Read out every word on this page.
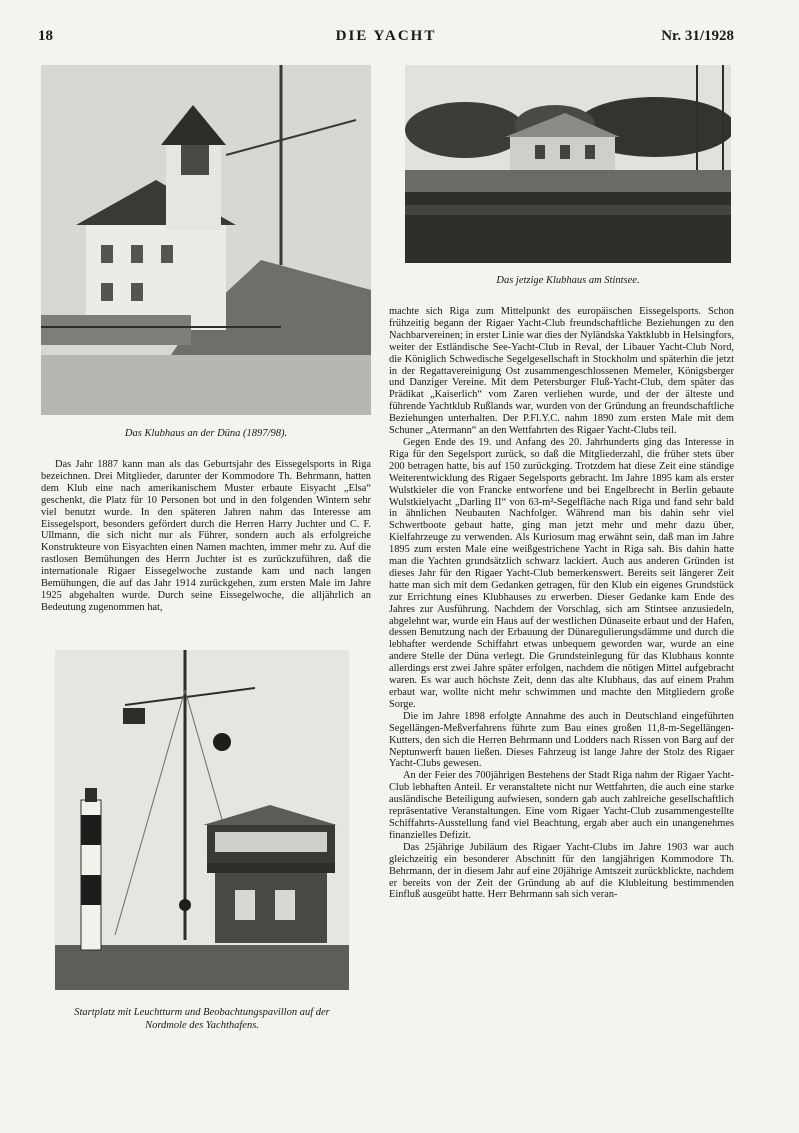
18	DIE YACHT	Nr. 31/1928
Das Klubhaus an der Düna (1897/98).
Das jetzige Klubhaus am Stintsee.
Startplatz mit Leuchtturm und Beobachtungspavillon auf der
Nordmole des Yachthafens.

Das Jahr 1887 kann man als das Geburtsjahr des Eissegelsports in Riga bezeichnen. Drei Mitglieder, darunter der Kommodore Th. Behrmann, hatten dem Klub eine nach amerikanischem Muster erbaute Eisyacht „Elsa“ geschenkt, die Platz für 10 Personen bot und in den folgenden Wintern sehr viel benutzt wurde. In den späteren Jahren nahm das Interesse am Eissegelsport, besonders gefördert durch die Herren Harry Juchter und C. F. Ullmann, die sich nicht nur als Führer, sondern auch als erfolgreiche Konstrukteure von Eisyachten einen Namen machten, immer mehr zu. Auf die rastlosen Bemühungen des Herrn Juchter ist es zurückzuführen, daß die internationale Rigaer Eissegelwoche zustande kam und nach langen Bemühungen, die auf das Jahr 1914 zurückgehen, zum ersten Male im Jahre 1925 abgehalten wurde. Durch seine Eissegelwoche, die alljährlich an Bedeutung zugenommen hat,

machte sich Riga zum Mittelpunkt des europäischen Eissegelsports. Schon frühzeitig begann der Rigaer Yacht-Club freundschaftliche Beziehungen zu den Nachbarvereinen; in erster Linie war dies der Nyländska Yaktklubb in Helsingfors, weiter der Estländische See-Yacht-Club in Reval, der Libauer Yacht-Club Nord, die Königlich Schwedische Segelgesellschaft in Stockholm und späterhin die jetzt in der Regattavereinigung Ost zusammengeschlossenen Memeler, Königsberger und Danziger Vereine. Mit dem Petersburger Fluß-Yacht-Club, dem später das Prädikat „Kaiserlich“ vom Zaren verliehen wurde, und der der älteste und führende Yachtklub Rußlands war, wurden von der Gründung an freundschaftliche Beziehungen unterhalten. Der P.Fl.Y.C. nahm 1890 zum ersten Male mit dem Schuner „Atermann“ an den Wettfahrten des Rigaer Yacht-Clubs teil.

Gegen Ende des 19. und Anfang des 20. Jahrhunderts ging das Interesse in Riga für den Segelsport zurück, so daß die Mitgliederzahl, die früher stets über 200 betragen hatte, bis auf 150 zurückging. Trotzdem hat diese Zeit eine ständige Weiterentwicklung des Rigaer Segelsports gebracht. Im Jahre 1895 kam als erster Wulstkieler die von Francke entworfene und bei Engelbrecht in Berlin gebaute Wulstkielyacht „Darling II“ von 63-m²-Segelfläche nach Riga und fand sehr bald in ähnlichen Neubauten Nachfolger. Während man bis dahin sehr viel Schwertboote gebaut hatte, ging man jetzt mehr und mehr dazu über, Kielfahrzeuge zu verwenden. Als Kuriosum mag erwähnt sein, daß man im Jahre 1895 zum ersten Male eine weißgestrichene Yacht in Riga sah. Bis dahin hatte man die Yachten grundsätzlich schwarz lackiert. Auch aus anderen Gründen ist dieses Jahr für den Rigaer Yacht-Club bemerkenswert. Bereits seit längerer Zeit hatte man sich mit dem Gedanken getragen, für den Klub ein eigenes Grundstück zur Errichtung eines Klubhauses zu erwerben. Dieser Gedanke kam Ende des Jahres zur Ausführung. Nachdem der Vorschlag, sich am Stintsee anzusiedeln, abgelehnt war, wurde ein Haus auf der westlichen Dünaseite erbaut und der Hafen, dessen Benutzung nach der Erbauung der Dünaregulierungsdämme und durch die lebhafter werdende Schiffahrt etwas unbequem geworden war, wurde an eine andere Stelle der Düna verlegt. Die Grundsteinlegung für das Klubhaus konnte allerdings erst zwei Jahre später erfolgen, nachdem die nötigen Mittel aufgebracht waren. Es war auch höchste Zeit, denn das alte Klubhaus, das auf einem Prahm erbaut war, wollte nicht mehr schwimmen und machte den Mitgliedern große Sorge.

Die im Jahre 1898 erfolgte Annahme des auch in Deutschland eingeführten Segellängen-Meßverfahrens führte zum Bau eines großen 11,8-m-Segellängen-Kutters, den sich die Herren Behrmann und Lodders nach Rissen von Barg auf der Neptunwerft bauen ließen. Dieses Fahrzeug ist lange Jahre der Stolz des Rigaer Yacht-Clubs gewesen.

An der Feier des 700jährigen Bestehens der Stadt Riga nahm der Rigaer Yacht-Club lebhaften Anteil. Er veranstaltete nicht nur Wettfahrten, die auch eine starke ausländische Beteiligung aufwiesen, sondern gab auch zahlreiche gesellschaftlich repräsentative Veranstaltungen. Eine vom Rigaer Yacht-Club zusammengestellte Schiffahrts-Ausstellung fand viel Beachtung, ergab aber auch ein unangenehmes finanzielles Defizit.

Das 25jährige Jubiläum des Rigaer Yacht-Clubs im Jahre 1903 war auch gleichzeitig ein besonderer Abschnitt für den langjährigen Kommodore Th. Behrmann, der in diesem Jahr auf eine 20jährige Amtszeit zurückblickte, nachdem er bereits von der Zeit der Gründung ab auf die Klubleitung bestimmenden Einfluß ausgeübt hatte. Herr Behrmann sah sich veran-
